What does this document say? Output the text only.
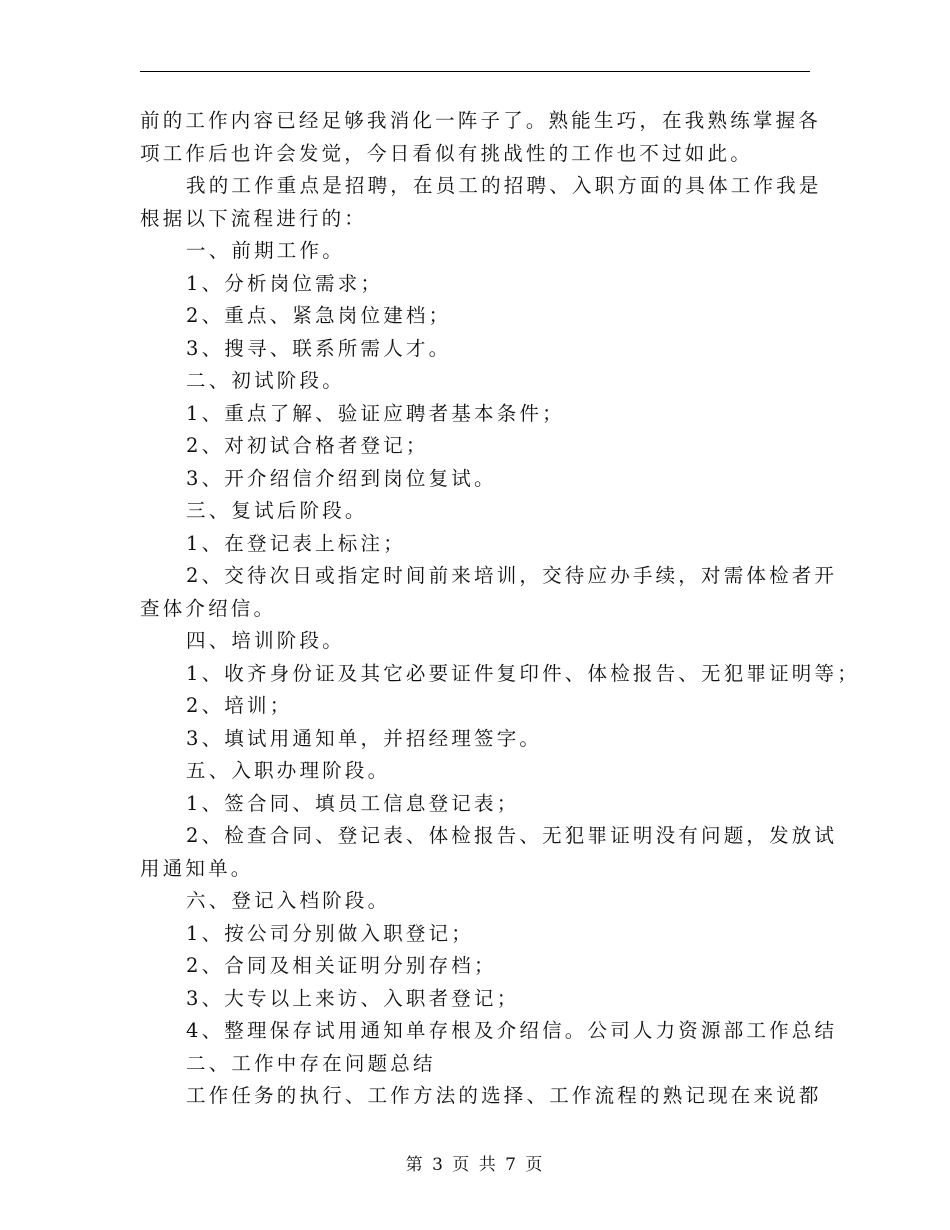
前的工作内容已经足够我消化一阵子了。熟能生巧，在我熟练掌握各
项工作后也许会发觉，今日看似有挑战性的工作也不过如此。
我的工作重点是招聘，在员工的招聘、入职方面的具体工作我是
根据以下流程进行的：
一、前期工作。
1、分析岗位需求；
2、重点、紧急岗位建档；
3、搜寻、联系所需人才。
二、初试阶段。
1、重点了解、验证应聘者基本条件；
2、对初试合格者登记；
3、开介绍信介绍到岗位复试。
三、复试后阶段。
1、在登记表上标注；
2、交待次日或指定时间前来培训，交待应办手续，对需体检者开
查体介绍信。
四、培训阶段。
1、收齐身份证及其它必要证件复印件、体检报告、无犯罪证明等；
2、培训；
3、填试用通知单，并招经理签字。
五、入职办理阶段。
1、签合同、填员工信息登记表；
2、检查合同、登记表、体检报告、无犯罪证明没有问题，发放试
用通知单。
六、登记入档阶段。
1、按公司分别做入职登记；
2、合同及相关证明分别存档；
3、大专以上来访、入职者登记；
4、整理保存试用通知单存根及介绍信。公司人力资源部工作总结
二、工作中存在问题总结
工作任务的执行、工作方法的选择、工作流程的熟记现在来说都
第 3 页 共 7 页
